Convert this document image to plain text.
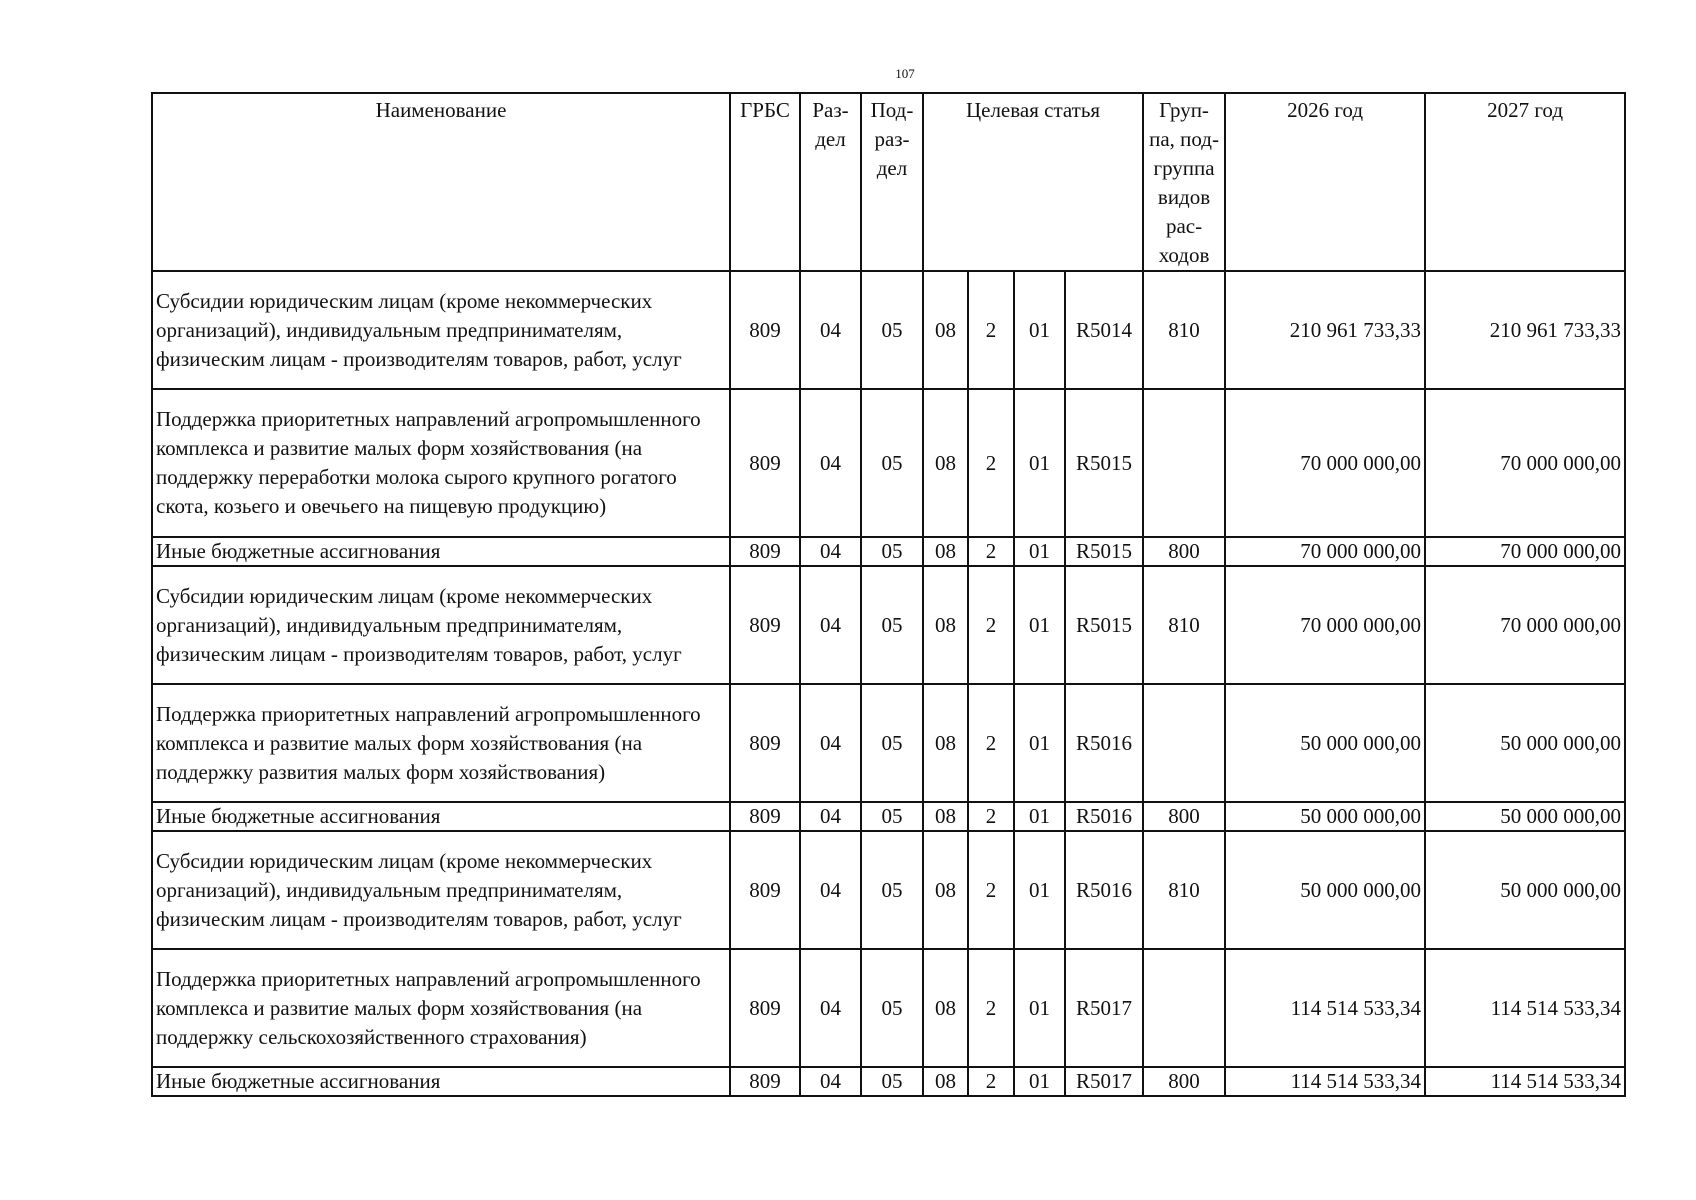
107
Наименование	ГРБС	Раз-дел	Под-раз-дел	Целевая статья				Груп-па, под-группа видов рас-ходов	2026 год	2027 год
Субсидии юридическим лицам (кроме некоммерческих организаций), индивидуальным предпринимателям, физическим лицам - производителям товаров, работ, услуг	809	04	05	08	2	01	R5014	810	210 961 733,33	210 961 733,33
Поддержка приоритетных направлений агропромышленного комплекса и развитие малых форм хозяйствования (на поддержку переработки молока сырого крупного рогатого скота, козьего и овечьего на пищевую продукцию)	809	04	05	08	2	01	R5015		70 000 000,00	70 000 000,00
Иные бюджетные ассигнования	809	04	05	08	2	01	R5015	800	70 000 000,00	70 000 000,00
Субсидии юридическим лицам (кроме некоммерческих организаций), индивидуальным предпринимателям, физическим лицам - производителям товаров, работ, услуг	809	04	05	08	2	01	R5015	810	70 000 000,00	70 000 000,00
Поддержка приоритетных направлений агропромышленного комплекса и развитие малых форм хозяйствования (на поддержку развития малых форм хозяйствования)	809	04	05	08	2	01	R5016		50 000 000,00	50 000 000,00
Иные бюджетные ассигнования	809	04	05	08	2	01	R5016	800	50 000 000,00	50 000 000,00
Субсидии юридическим лицам (кроме некоммерческих организаций), индивидуальным предпринимателям, физическим лицам - производителям товаров, работ, услуг	809	04	05	08	2	01	R5016	810	50 000 000,00	50 000 000,00
Поддержка приоритетных направлений агропромышленного комплекса и развитие малых форм хозяйствования (на поддержку сельскохозяйственного страхования)	809	04	05	08	2	01	R5017		114 514 533,34	114 514 533,34
Иные бюджетные ассигнования	809	04	05	08	2	01	R5017	800	114 514 533,34	114 514 533,34
